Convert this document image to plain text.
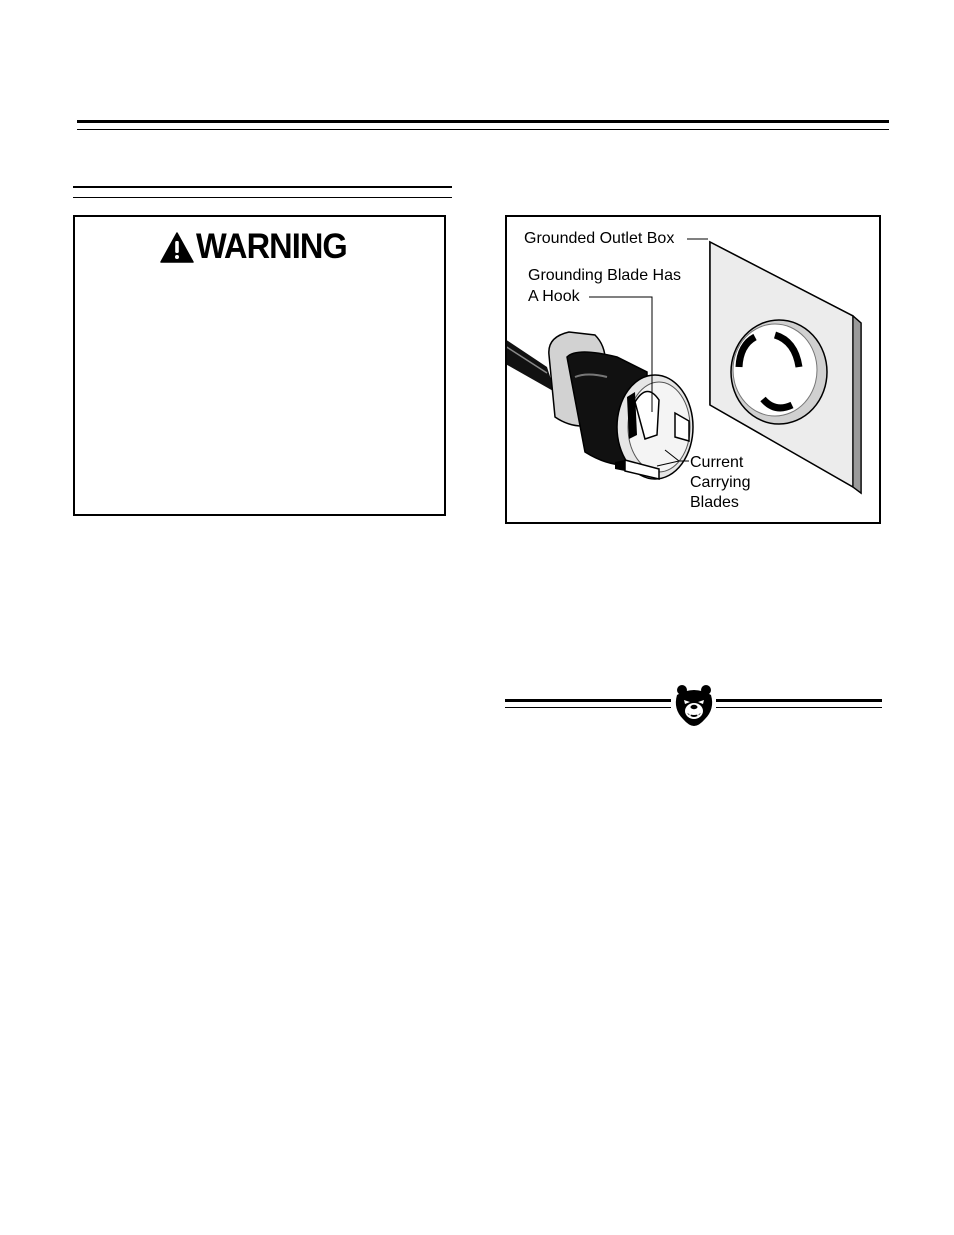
WARNING	Grounded Outlet Box
Grounding Blade Has
A Hook
Current
Carrying
Blades
